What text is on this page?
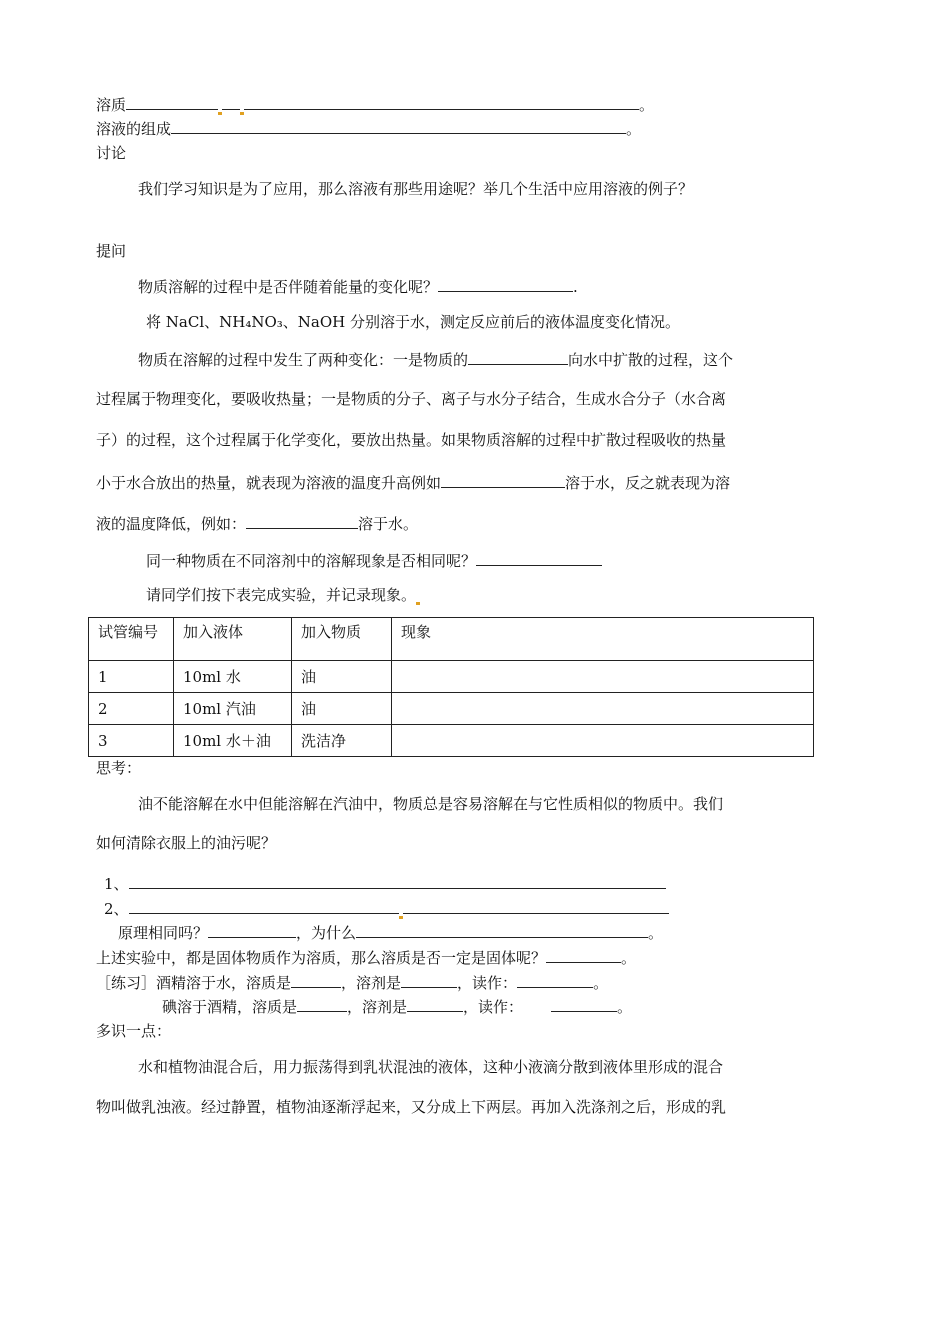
溶质	。
溶液的组成	。
讨论
我们学习知识是为了应用，那么溶液有那些用途呢？举几个生活中应用溶液的例子？
提问
物质溶解的过程中是否伴随着能量的变化呢？	.
将 NaCl、NH₄NO₃、NaOH 分别溶于水，测定反应前后的液体温度变化情况。
物质在溶解的过程中发生了两种变化：一是物质的	向水中扩散的过程，这个
过程属于物理变化，要吸收热量；一是物质的分子、离子与水分子结合，生成水合分子（水合离
子）的过程，这个过程属于化学变化，要放出热量。如果物质溶解的过程中扩散过程吸收的热量
小于水合放出的热量，就表现为溶液的温度升高例如	溶于水，反之就表现为溶
液的温度降低，例如：	溶于水。
同一种物质在不同溶剂中的溶解现象是否相同呢？
请同学们按下表完成实验，并记录现象。
试管编号	加入液体	加入物质	现象
1	10ml 水	油	
2	10ml 汽油	油	
3	10ml 水＋油	洗洁净	
思考：
油不能溶解在水中但能溶解在汽油中，物质总是容易溶解在与它性质相似的物质中。我们
如何清除衣服上的油污呢？
1、
2、
原理相同吗？	，为什么	。
上述实验中，都是固体物质作为溶质，那么溶质是否一定是固体呢？	。
［练习］酒精溶于水，溶质是	，溶剂是	，读作：	。
碘溶于酒精，溶质是	，溶剂是	，读作：	。
多识一点：
水和植物油混合后，用力振荡得到乳状混浊的液体，这种小液滴分散到液体里形成的混合
物叫做乳浊液。经过静置，植物油逐渐浮起来，又分成上下两层。再加入洗涤剂之后，形成的乳
